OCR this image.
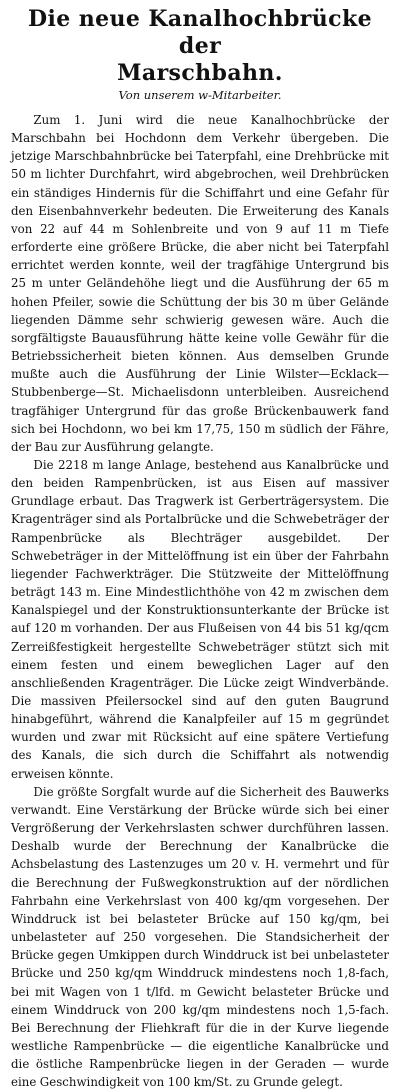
Die neue Kanalhochbrücke der
Marschbahn.
Von unserem w-Mitarbeiter.

Zum 1. Juni wird die neue Kanalhochbrücke der Marschbahn bei Hochdonn dem Verkehr übergeben. Die jetzige Marschbahnbrücke bei Taterpfahl, eine Drehbrücke mit 50 m lichter Durchfahrt, wird abgebrochen, weil Drehbrücken ein ständiges Hindernis für die Schiffahrt und eine Gefahr für den Eisenbahnverkehr bedeuten. Die Erweiterung des Kanals von 22 auf 44 m Sohlenbreite und von 9 auf 11 m Tiefe erforderte eine größere Brücke, die aber nicht bei Taterpfahl errichtet werden konnte, weil der tragfähige Untergrund bis 25 m unter Geländehöhe liegt und die Ausführung der 65 m hohen Pfeiler, sowie die Schüttung der bis 30 m über Gelände liegenden Dämme sehr schwierig gewesen wäre. Auch die sorgfältigste Bauausführung hätte keine volle Gewähr für die Betriebssicherheit bieten können. Aus demselben Grunde mußte auch die Ausführung der Linie Wilster—Ecklack—Stubbenberge—St. Michaelisdonn unterbleiben. Ausreichend tragfähiger Untergrund für das große Brückenbauwerk fand sich bei Hochdonn, wo bei km 17,75, 150 m südlich der Fähre, der Bau zur Ausführung gelangte.

Die 2218 m lange Anlage, bestehend aus Kanalbrücke und den beiden Rampenbrücken, ist aus Eisen auf massiver Grundlage erbaut. Das Tragwerk ist Gerberträgersystem. Die Kragenträger sind als Portalbrücke und die Schwebeträger der Rampenbrücke als Blechträger ausgebildet. Der Schwebeträger in der Mittelöffnung ist ein über der Fahrbahn liegender Fachwerkträger. Die Stützweite der Mittelöffnung beträgt 143 m. Eine Mindestlichthöhe von 42 m zwischen dem Kanalspiegel und der Konstruktionsunterkante der Brücke ist auf 120 m vorhanden. Der aus Flußeisen von 44 bis 51 kg/qcm Zerreißfestigkeit hergestellte Schwebeträger stützt sich mit einem festen und einem beweglichen Lager auf den anschließenden Kragenträger. Die Lücke zeigt Windverbände. Die massiven Pfeilersockel sind auf den guten Baugrund hinabgeführt, während die Kanalpfeiler auf 15 m gegründet wurden und zwar mit Rücksicht auf eine spätere Vertiefung des Kanals, die sich durch die Schiffahrt als notwendig erweisen könnte.

Die größte Sorgfalt wurde auf die Sicherheit des Bauwerks verwandt. Eine Verstärkung der Brücke würde sich bei einer Vergrößerung der Verkehrslasten schwer durchführen lassen. Deshalb wurde der Berechnung der Kanalbrücke die Achsbelastung des Lastenzuges um 20 v. H. vermehrt und für die Berechnung der Fußwegkonstruktion auf der nördlichen Fahrbahn eine Verkehrslast von 400 kg/qm vorgesehen. Der Winddruck ist bei belasteter Brücke auf 150 kg/qm, bei unbelasteter auf 250 vorgesehen. Die Standsicherheit der Brücke gegen Umkippen durch Winddruck ist bei unbelasteter Brücke und 250 kg/qm Winddruck mindestens noch 1,8-fach, bei mit Wagen von 1 t/lfd. m Gewicht belasteter Brücke und einem Winddruck von 200 kg/qm mindestens noch 1,5-fach. Bei Berechnung der Fliehkraft für die in der Kurve liegende westliche Rampenbrücke — die eigentliche Kanalbrücke und die östliche Rampenbrücke liegen in der Geraden — wurde eine Geschwindigkeit von 100 km/St. zu Grunde gelegt.
